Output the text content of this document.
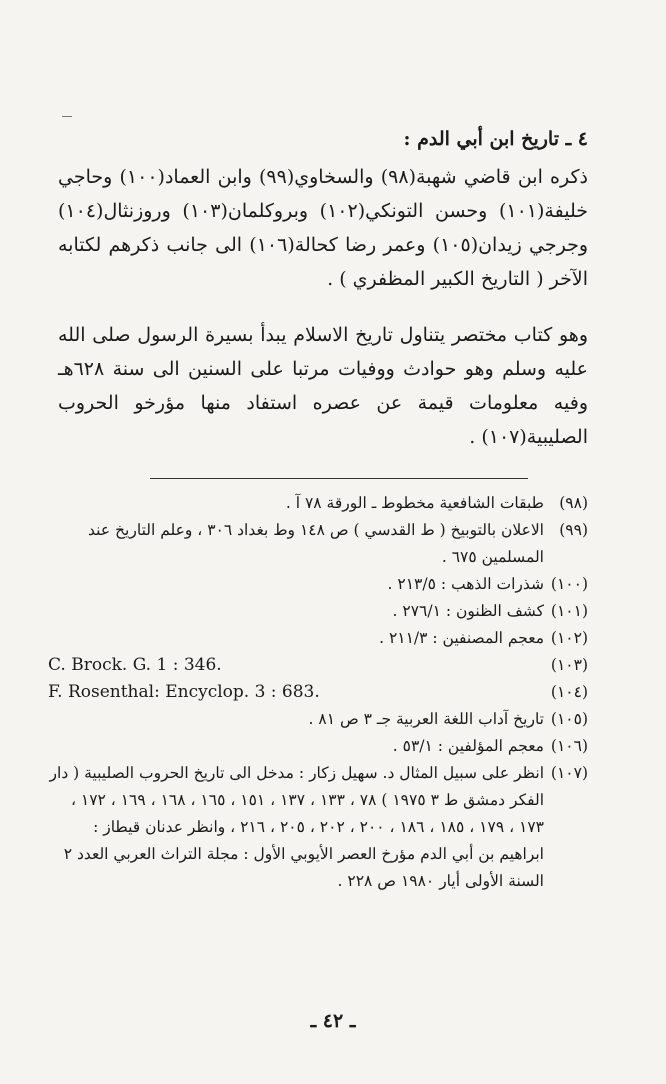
٤ ـ تاريخ ابن أبي الدم :
ذكره ابن قاضي شهبة(٩٨) والسخاوي(٩٩) وابن العماد(١٠٠) وحاجي خليفة(١٠١) وحسن التونكي(١٠٢) وبروكلمان(١٠٣) وروزنثال(١٠٤) وجرجي زيدان(١٠٥) وعمر رضا كحالة(١٠٦) الى جانب ذكرهم لكتابه الآخر ( التاريخ الكبير المظفري ) .
وهو كتاب مختصر يتناول تاريخ الاسلام يبدأ بسيرة الرسول صلى الله عليه وسلم وهو حوادث ووفيات مرتبا على السنين الى سنة ٦٢٨هـ وفيه معلومات قيمة عن عصره استفاد منها مؤرخو الحروب الصليبية(١٠٧) .
(٩٨)
طبقات الشافعية مخطوط ـ الورقة ٧٨ آ .
(٩٩)
الاعلان بالتوبيخ ( ط القدسي ) ص ١٤٨ وط بغداد ٣٠٦ ، وعلم التاريخ عند المسلمين ٦٧٥ .
(١٠٠)
شذرات الذهب : ٢١٣/٥ .
(١٠١)
كشف الظنون : ٢٧٦/١ .
(١٠٢)
معجم المصنفين : ٢١١/٣ .
(١٠٣)
C. Brock. G. 1 : 346.
(١٠٤)
F. Rosenthal: Encyclop. 3 : 683.
(١٠٥)
تاريخ آداب اللغة العربية جـ ٣ ص ٨١ .
(١٠٦)
معجم المؤلفين : ٥٣/١ .
(١٠٧)
انظر على سبيل المثال د. سهيل زكار : مدخل الى تاريخ الحروب الصليبية ( دار الفكر دمشق ط ٣ ١٩٧٥ ) ٧٨ ، ١٣٣ ، ١٣٧ ، ١٥١ ، ١٦٥ ، ١٦٨ ، ١٦٩ ، ١٧٢ ، ١٧٣ ، ١٧٩ ، ١٨٥ ، ١٨٦ ، ٢٠٠ ، ٢٠٢ ، ٢٠٥ ، ٢١٦ ، وانظر عدنان قيطاز : ابراهيم بن أبي الدم مؤرخ العصر الأيوبي الأول : مجلة التراث العربي العدد ٢ السنة الأولى أيار ١٩٨٠ ص ٢٢٨ .
ـ ٤٢ ـ
